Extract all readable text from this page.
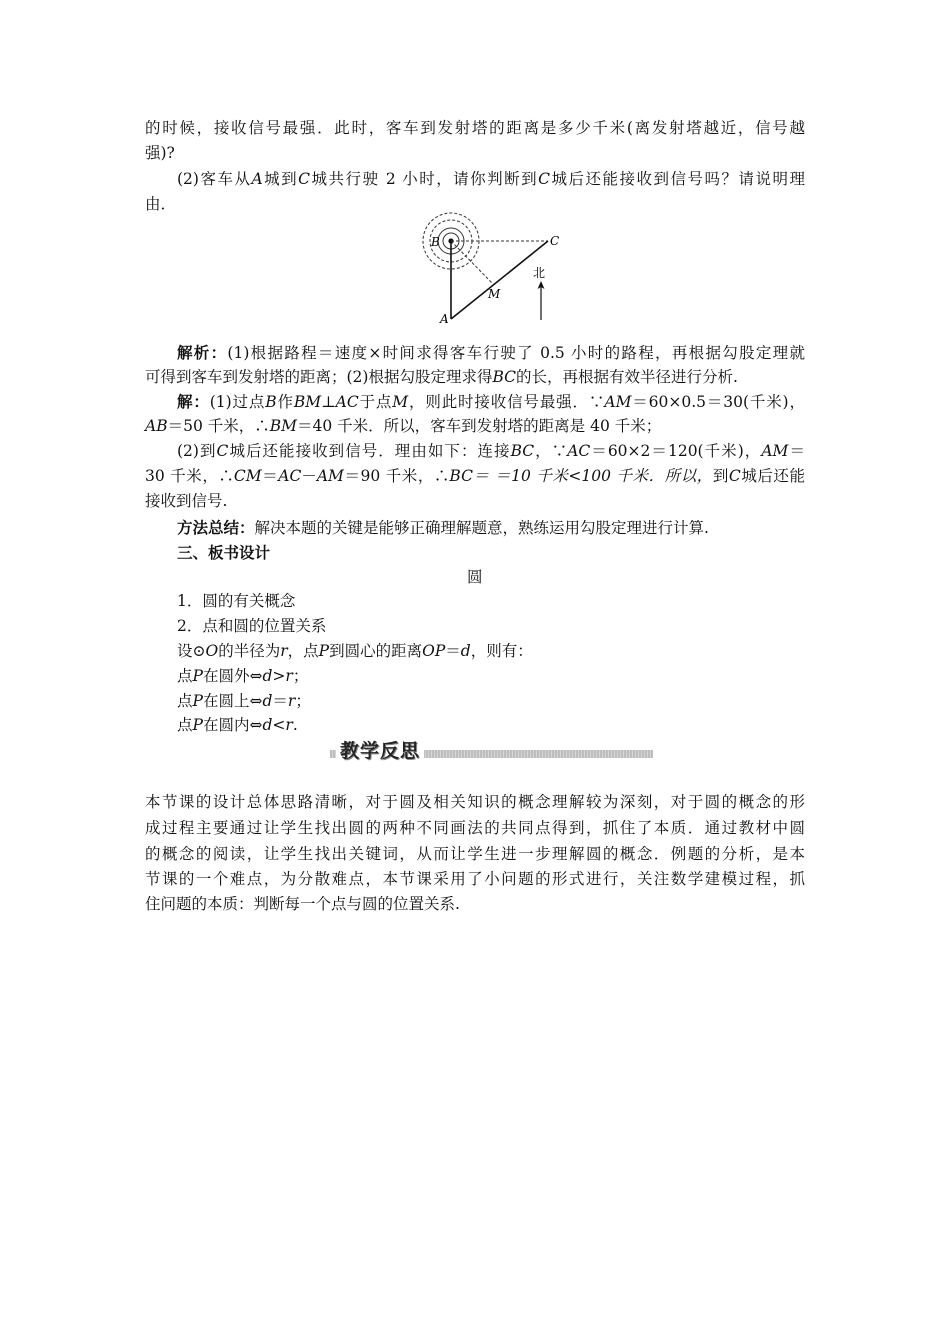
的时候，接收信号最强．此时，客车到发射塔的距离是多少千米(离发射塔越近，信号越
强)?
(2)客车从A城到C城共行驶 2 小时，请你判断到C城后还能接收到信号吗？请说明理
由．
B	C
M
A
北
解析：(1)根据路程＝速度×时间求得客车行驶了 0.5 小时的路程，再根据勾股定理就
可得到客车到发射塔的距离；(2)根据勾股定理求得BC的长，再根据有效半径进行分析.
解：(1)过点B作BM⊥AC于点M，则此时接收信号最强．∵AM＝60×0.5＝30(千米)，
AB＝50 千米，∴BM＝40 千米．所以，客车到发射塔的距离是 40 千米；
(2)到C城后还能接收到信号．理由如下：连接BC，∵AC＝60×2＝120(千米)，AM＝
30 千米，∴CM＝AC－AM＝90 千米，∴BC＝ ＝10 千米<100 千米．所以，到C城后还能
接收到信号.
方法总结：解决本题的关键是能够正确理解题意，熟练运用勾股定理进行计算.
三、板书设计
圆
1．圆的有关概念
2．点和圆的位置关系
设⊙O的半径为r，点P到圆心的距离OP＝d，则有：
点P在圆外⇔d>r；
点P在圆上⇔d＝r；
点P在圆内⇔d<r.
教学反思
本节课的设计总体思路清晰，对于圆及相关知识的概念理解较为深刻，对于圆的概念的形
成过程主要通过让学生找出圆的两种不同画法的共同点得到，抓住了本质．通过教材中圆
的概念的阅读，让学生找出关键词，从而让学生进一步理解圆的概念．例题的分析，是本
节课的一个难点，为分散难点，本节课采用了小问题的形式进行，关注数学建模过程，抓
住问题的本质：判断每一个点与圆的位置关系.
